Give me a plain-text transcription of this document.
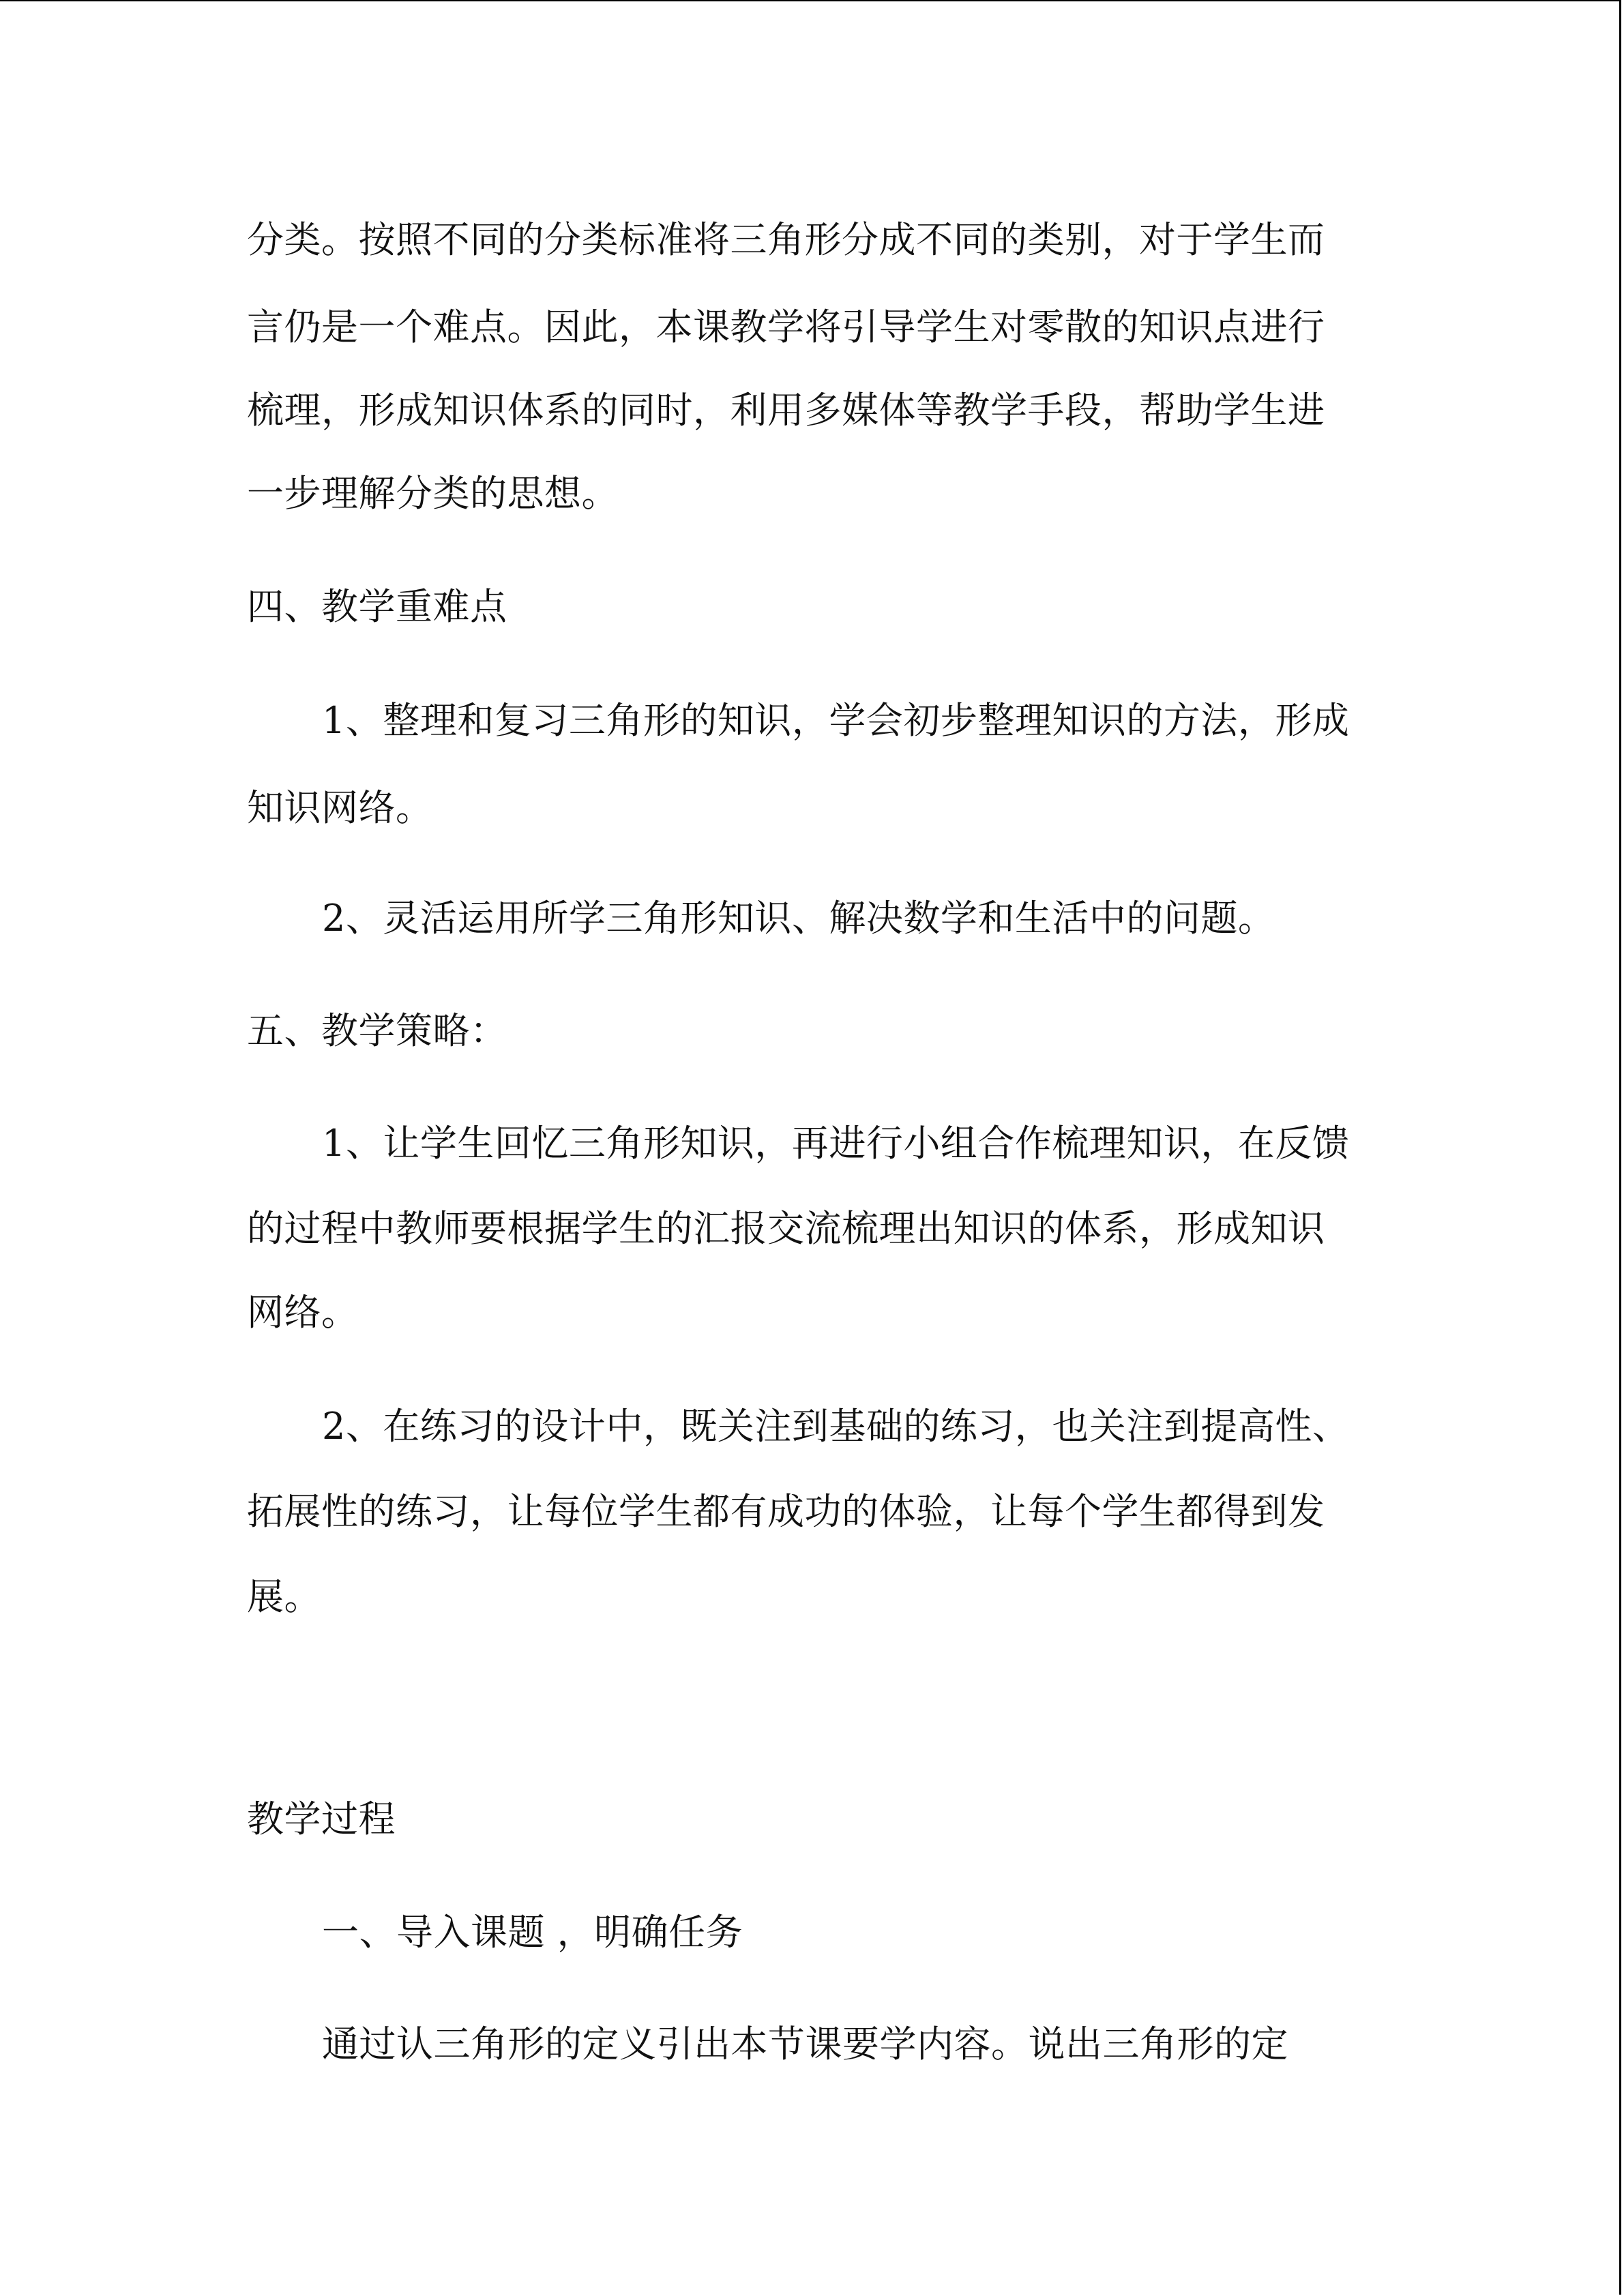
分类。按照不同的分类标准将三角形分成不同的类别，对于学生而
言仍是一个难点。因此，本课教学将引导学生对零散的知识点进行
梳理，形成知识体系的同时，利用多媒体等教学手段，帮助学生进
一步理解分类的思想。
四、教学重难点
1、整理和复习三角形的知识，学会初步整理知识的方法，形成
知识网络。
2、灵活运用所学三角形知识、解决数学和生活中的问题。
五、教学策略：
1、让学生回忆三角形知识，再进行小组合作梳理知识，在反馈
的过程中教师要根据学生的汇报交流梳理出知识的体系，形成知识
网络。
2、在练习的设计中，既关注到基础的练习，也关注到提高性、
拓展性的练习，让每位学生都有成功的体验，让每个学生都得到发
展。
教学过程
一、导入课题 ，明确任务
通过认三角形的定义引出本节课要学内容。说出三角形的定
